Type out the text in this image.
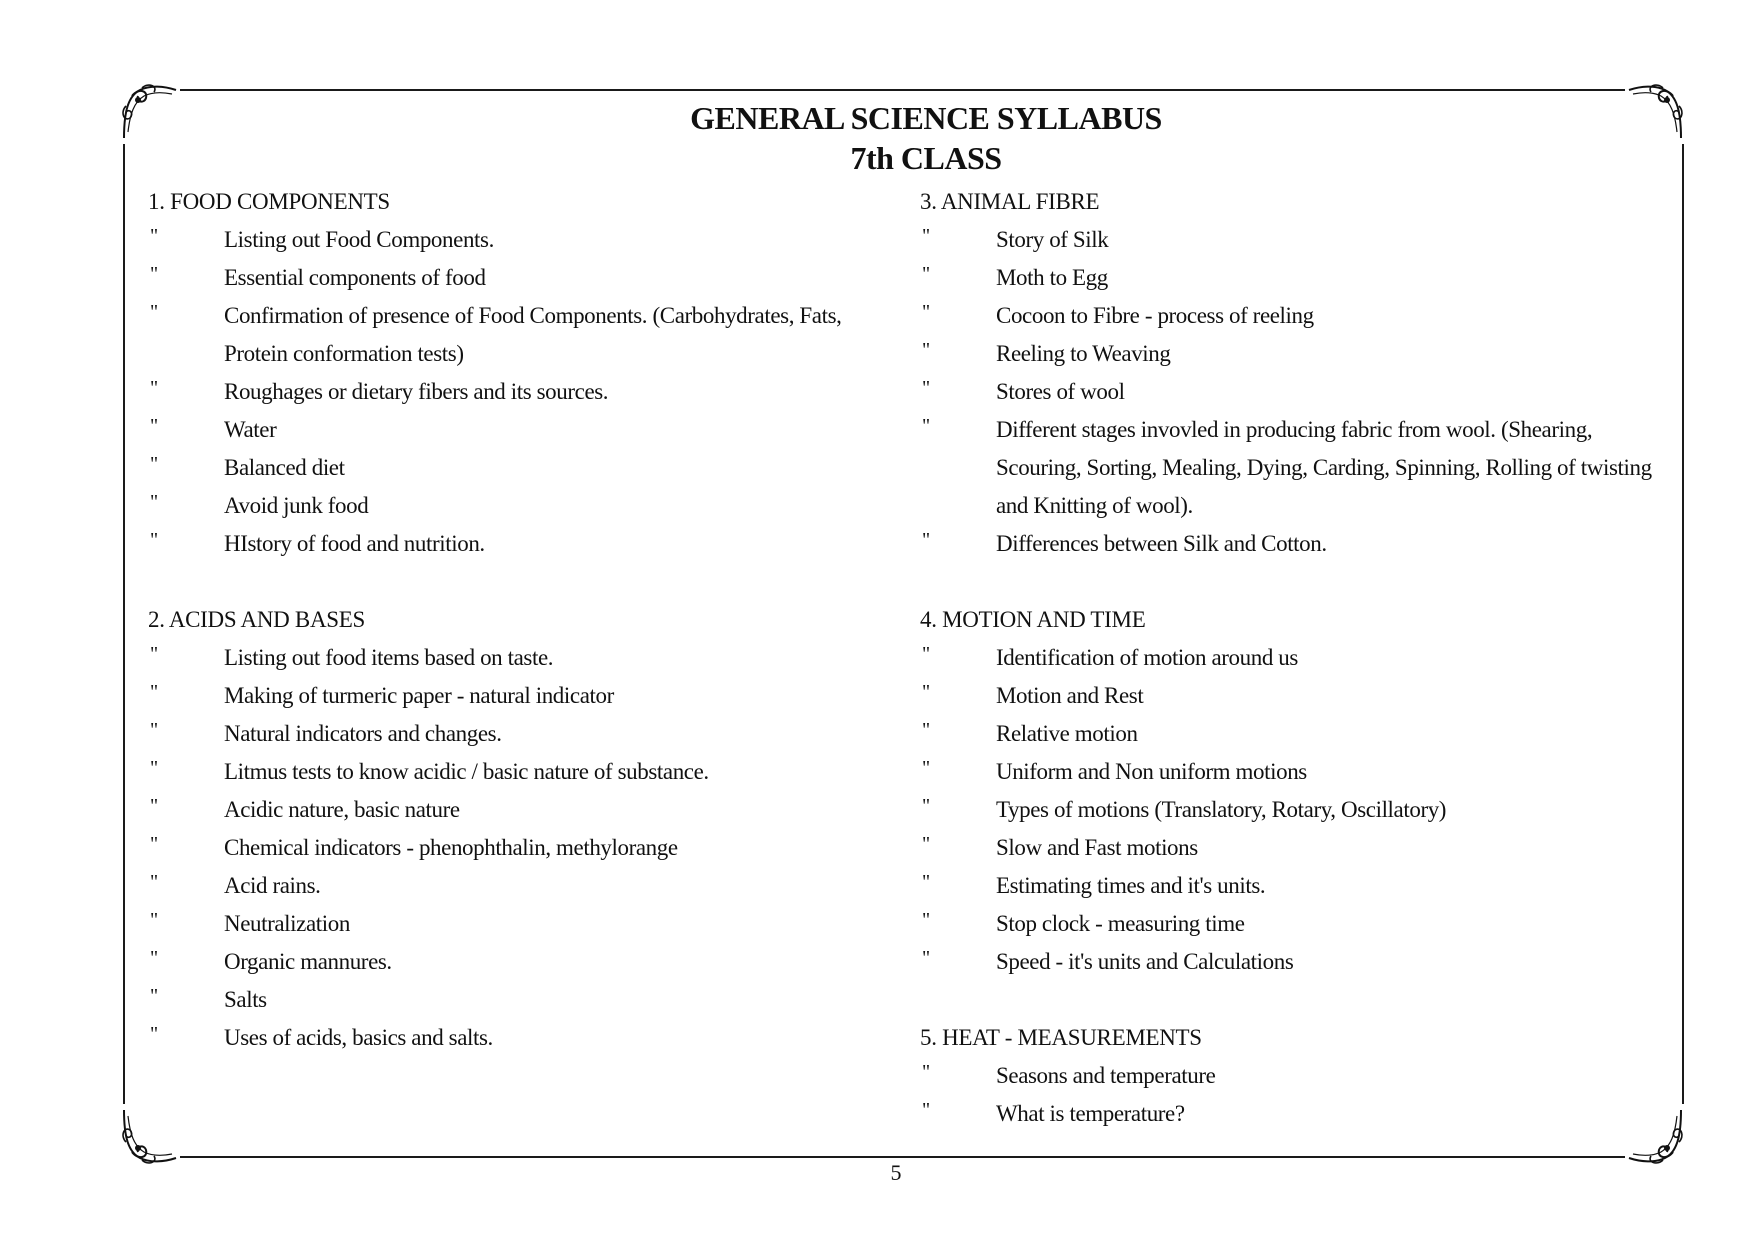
GENERAL SCIENCE SYLLABUS
7th CLASS
1. FOOD COMPONENTS
"	Listing out Food Components.
"	Essential components of food
"	Confirmation of presence of Food Components. (Carbohydrates, Fats, Protein conformation tests)
"	Roughages or dietary fibers and its sources.
"	Water
"	Balanced diet
"	Avoid junk food
"	HIstory of food and nutrition.
2. ACIDS AND BASES
"	Listing out food items based on taste.
"	Making of turmeric paper - natural indicator
"	Natural indicators and changes.
"	Litmus tests to know acidic / basic nature of substance.
"	Acidic nature, basic nature
"	Chemical indicators - phenophthalin, methylorange
"	Acid rains.
"	Neutralization
"	Organic mannures.
"	Salts
"	Uses of acids, basics and salts.
3. ANIMAL FIBRE
"	Story of Silk
"	Moth to Egg
"	Cocoon to Fibre - process of reeling
"	Reeling to Weaving
"	Stores of wool
"	Different stages invovled in producing fabric from wool. (Shearing, Scouring, Sorting, Mealing, Dying, Carding, Spinning, Rolling of twisting and Knitting of wool).
"	Differences between Silk and Cotton.
4. MOTION AND TIME
"	Identification of motion around us
"	Motion and Rest
"	Relative motion
"	Uniform and Non uniform motions
"	Types of motions (Translatory, Rotary, Oscillatory)
"	Slow and Fast motions
"	Estimating times and it's units.
"	Stop clock - measuring time
"	Speed - it's units and Calculations
5. HEAT - MEASUREMENTS
"	Seasons and temperature
"	What is temperature?
5
